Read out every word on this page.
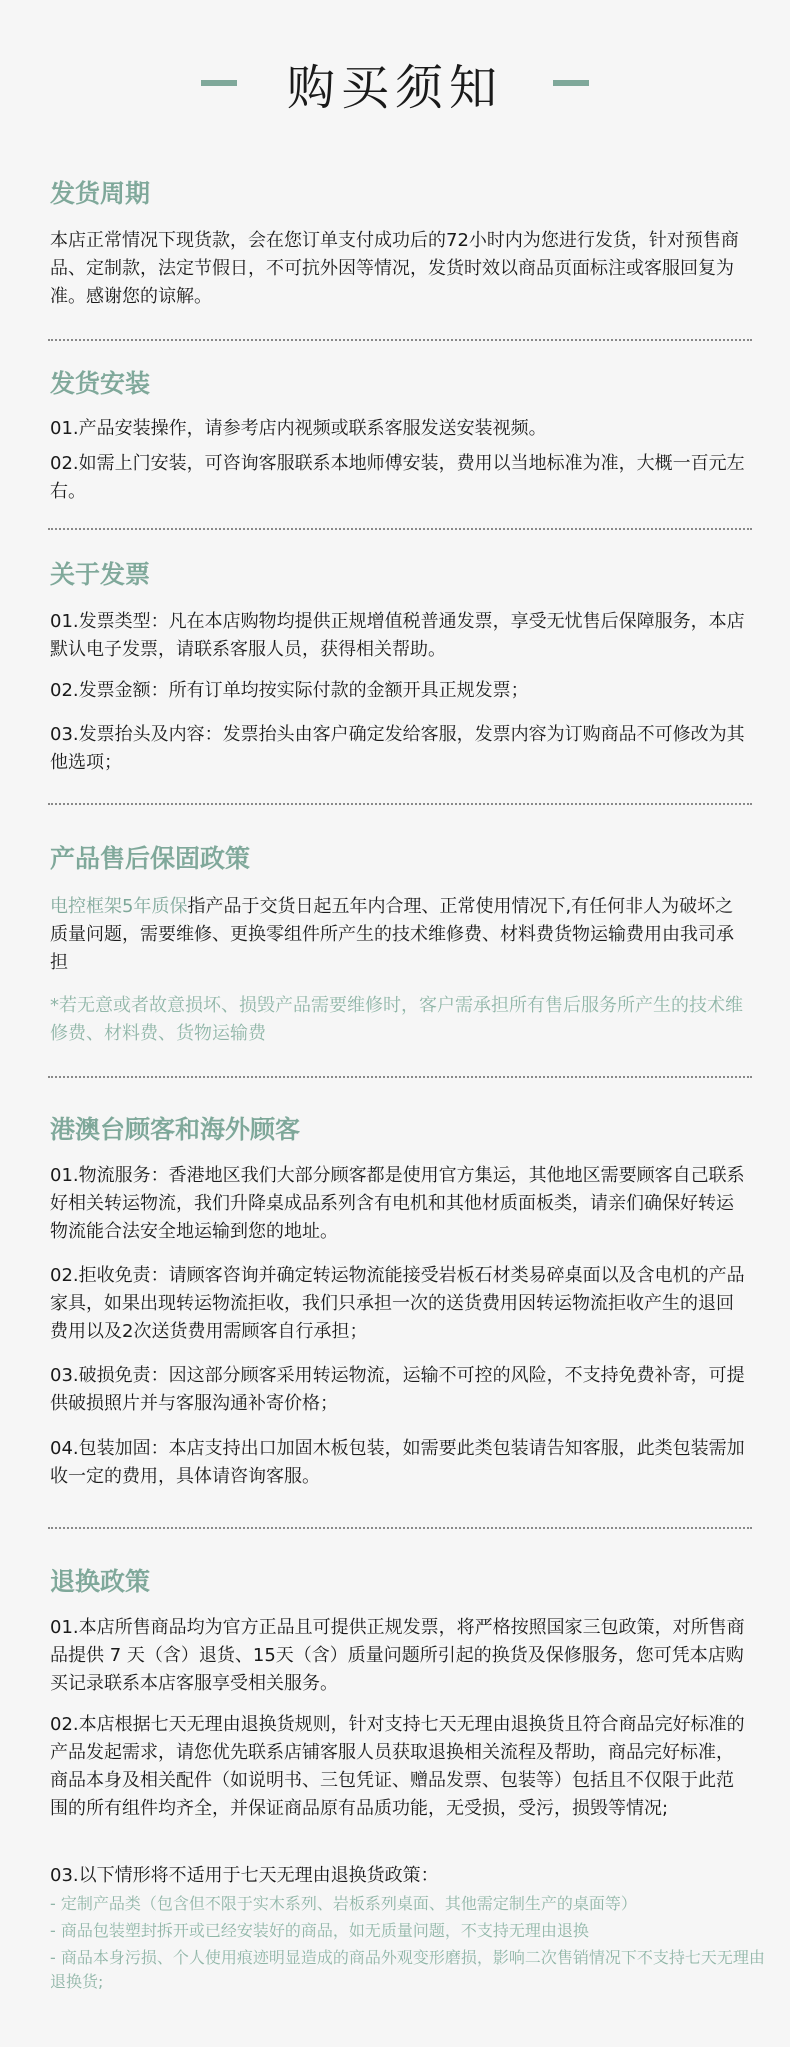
购买须知
发货周期

本店正常情况下现货款，会在您订单支付成功后的72小时内为您进行发货，针对预售商品、定制款，法定节假日，不可抗外因等情况，发货时效以商品页面标注或客服回复为准。感谢您的谅解。

发货安装

01.产品安装操作，请参考店内视频或联系客服发送安装视频。

02.如需上门安装，可咨询客服联系本地师傅安装，费用以当地标准为准，大概一百元左右。

关于发票

01.发票类型：凡在本店购物均提供正规增值税普通发票，享受无忧售后保障服务，本店默认电子发票，请联系客服人员，获得相关帮助。

02.发票金额：所有订单均按实际付款的金额开具正规发票；

03.发票抬头及内容：发票抬头由客户确定发给客服，发票内容为订购商品不可修改为其他选项；

产品售后保固政策

电控框架5年质保指产品于交货日起五年内合理、正常使用情况下,有任何非人为破坏之质量问题，需要维修、更换零组件所产生的技术维修费、材料费货物运输费用由我司承担

*若无意或者故意损坏、损毁产品需要维修时，客户需承担所有售后服务所产生的技术维修费、材料费、货物运输费

港澳台顾客和海外顾客

01.物流服务：香港地区我们大部分顾客都是使用官方集运，其他地区需要顾客自己联系好相关转运物流，我们升降桌成品系列含有电机和其他材质面板类，请亲们确保好转运物流能合法安全地运输到您的地址。

02.拒收免责：请顾客咨询并确定转运物流能接受岩板石材类易碎桌面以及含电机的产品家具，如果出现转运物流拒收，我们只承担一次的送货费用因转运物流拒收产生的退回费用以及2次送货费用需顾客自行承担；

03.破损免责：因这部分顾客采用转运物流，运输不可控的风险，不支持免费补寄，可提供破损照片并与客服沟通补寄价格；

04.包装加固：本店支持出口加固木板包装，如需要此类包装请告知客服，此类包装需加收一定的费用，具体请咨询客服。

退换政策

01.本店所售商品均为官方正品且可提供正规发票，将严格按照国家三包政策，对所售商品提供 7 天（含）退货、15天（含）质量问题所引起的换货及保修服务，您可凭本店购买记录联系本店客服享受相关服务。

02.本店根据七天无理由退换货规则，针对支持七天无理由退换货且符合商品完好标准的产品发起需求，请您优先联系店铺客服人员获取退换相关流程及帮助，商品完好标准，商品本身及相关配件（如说明书、三包凭证、赠品发票、包装等）包括且不仅限于此范围的所有组件均齐全，并保证商品原有品质功能，无受损，受污，损毁等情况;

03.以下情形将不适用于七天无理由退换货政策：

- 定制产品类（包含但不限于实木系列、岩板系列桌面、其他需定制生产的桌面等）

- 商品包装塑封拆开或已经安装好的商品，如无质量问题，不支持无理由退换

- 商品本身污损、个人使用痕迹明显造成的商品外观变形磨损，影响二次售销情况下不支持七天无理由退换货;
